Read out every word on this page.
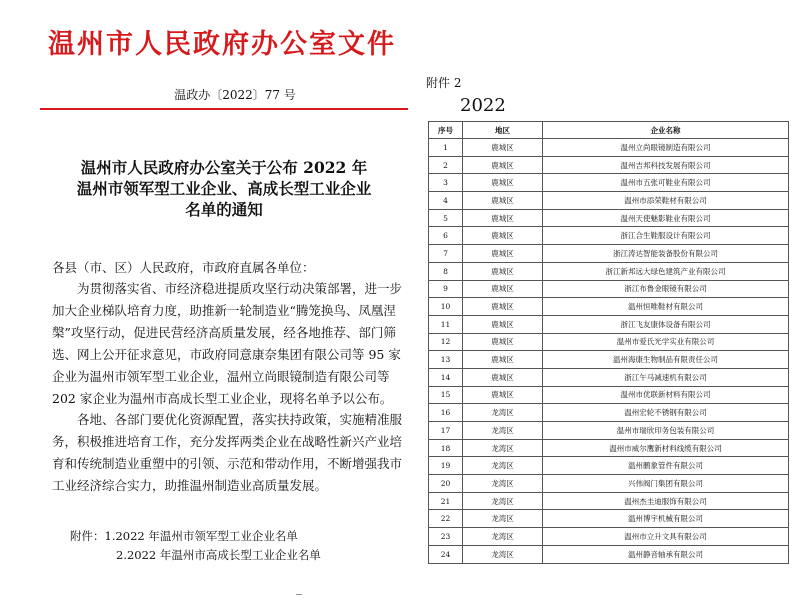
温州市人民政府办公室文件
温政办〔2022〕77 号
温州市人民政府办公室关于公布 2022 年
温州市领军型工业企业、高成长型工业企业
名单的通知
各县（市、区）人民政府，市政府直属各单位：
为贯彻落实省、市经济稳进提质攻坚行动决策部署，进一步
加大企业梯队培育力度，助推新一轮制造业“腾笼换鸟、凤凰涅
槃”攻坚行动，促进民营经济高质量发展，经各地推荐、部门筛
选、网上公开征求意见，市政府同意康奈集团有限公司等 95 家
企业为温州市领军型工业企业，温州立尚眼镜制造有限公司等
202 家企业为温州市高成长型工业企业，现将名单予以公布。
各地、各部门要优化资源配置，落实扶持政策，实施精准服
务，积极推进培育工作，充分发挥两类企业在战略性新兴产业培
育和传统制造业重塑中的引领、示范和带动作用，不断增强我市
工业经济综合实力，助推温州制造业高质量发展。
附件：1.2022 年温州市领军型工业企业名单
2.2022 年温州市高成长型工业企业名单
附件 2
2022
序号	地区	企业名称
1	鹿城区	温州立尚眼镜制造有限公司
2	鹿城区	温州吉邦科技发展有限公司
3	鹿城区	温州市五张可鞋业有限公司
4	鹿城区	温州市添荣鞋材有限公司
5	鹿城区	温州天使魅影鞋业有限公司
6	鹿城区	浙江合生鞋服设计有限公司
7	鹿城区	浙江涛达智能装备股份有限公司
8	鹿城区	浙江新邦远大绿色建筑产业有限公司
9	鹿城区	浙江布鲁金眼镜有限公司
10	鹿城区	温州恒唯鞋材有限公司
11	鹿城区	浙江飞友康体设备有限公司
12	鹿城区	温州市爱氏光学实业有限公司
13	鹿城区	温州海康生物制品有限责任公司
14	鹿城区	浙江午马减速机有限公司
15	鹿城区	温州市优联新材料有限公司
16	龙湾区	温州宏轮不锈钢有限公司
17	龙湾区	温州市瑞欣印务包装有限公司
18	龙湾区	温州市威尔鹰新材料线缆有限公司
19	龙湾区	温州鹏象管件有限公司
20	龙湾区	兴伟阀门集团有限公司
21	龙湾区	温州杰圭迪服饰有限公司
22	龙湾区	温州博宇机械有限公司
23	龙湾区	温州市立升文具有限公司
24	龙湾区	温州静音轴承有限公司
